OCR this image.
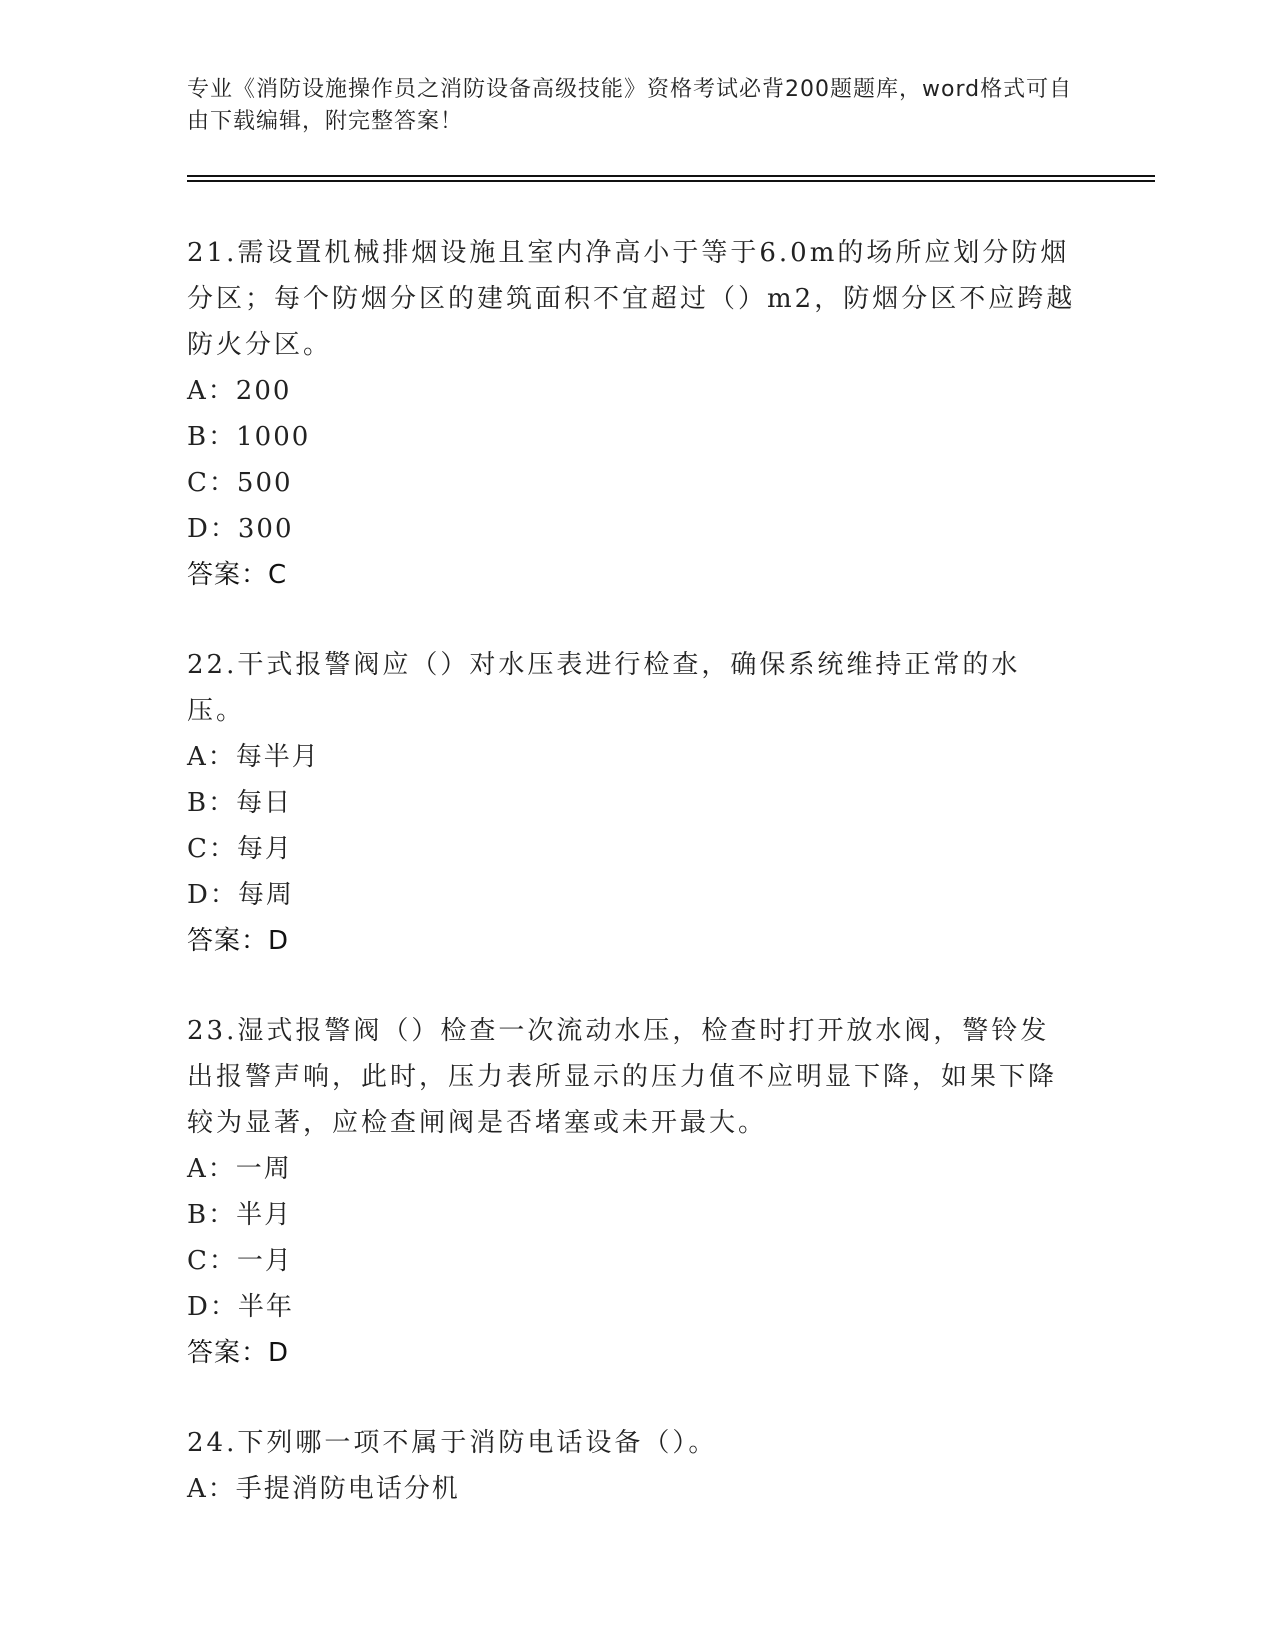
专业《消防设施操作员之消防设备高级技能》资格考试必背200题题库，word格式可自由下载编辑，附完整答案！

21.需设置机械排烟设施且室内净高小于等于6.0m的场所应划分防烟分区；每个防烟分区的建筑面积不宜超过（）m2，防烟分区不应跨越防火分区。

A：200

B：1000

C：500

D：300

答案：C

22.干式报警阀应（）对水压表进行检查，确保系统维持正常的水压。

A：每半月

B：每日

C：每月

D：每周

答案：D

23.湿式报警阀（）检查一次流动水压，检查时打开放水阀，警铃发出报警声响，此时，压力表所显示的压力值不应明显下降，如果下降较为显著，应检查闸阀是否堵塞或未开最大。

A：一周

B：半月

C：一月

D：半年

答案：D

24.下列哪一项不属于消防电话设备（）。

A：手提消防电话分机
